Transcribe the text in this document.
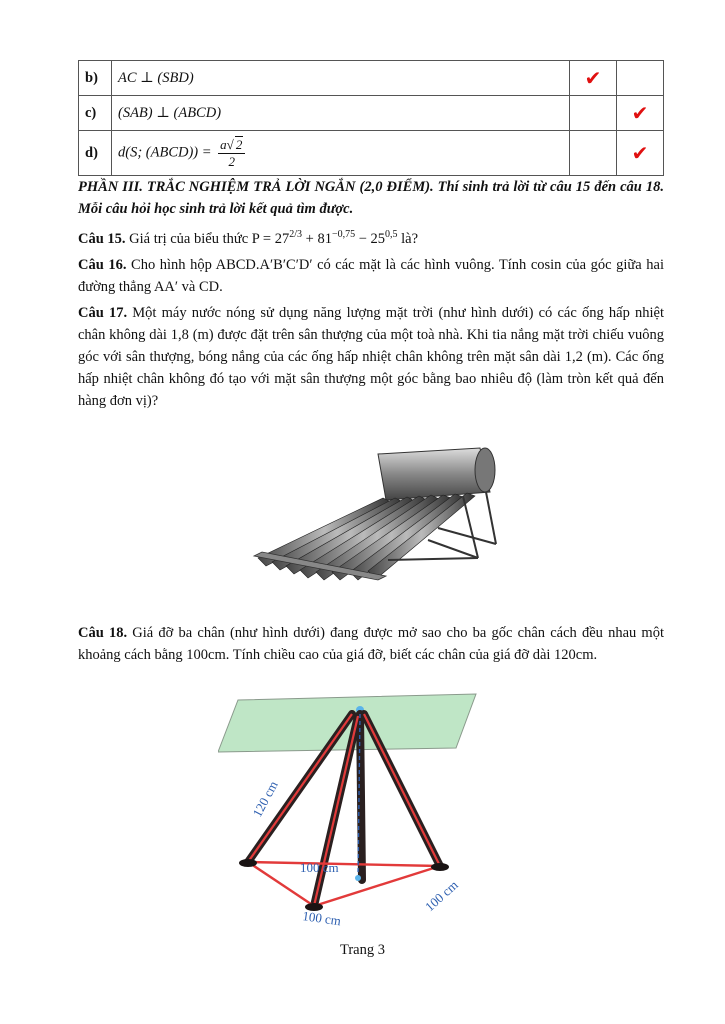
b)	AC ⊥ (SBD)	✔	
c)	(SAB) ⊥ (ABCD)		✔
d)	d(S; (ABCD)) = $\frac{a√ 2}{2}$		✔

PHẦN III. TRẮC NGHIỆM TRẢ LỜI NGẮN (2,0 ĐIỂM). Thí sinh trả lời từ câu 15 đến câu 18. Mỗi câu hỏi học sinh trả lời kết quả tìm được.

Câu 15. Giá trị của biểu thức $P = 27^{2/3} + 81^{-0,75} - 25^{0,5}$ là?

Câu 16. Cho hình hộp ABCD.A′B′C′D′ có các mặt là các hình vuông. Tính cosin của góc giữa hai đường thẳng AA′ và CD.

Câu 17. Một máy nước nóng sử dụng năng lượng mặt trời (như hình dưới) có các ống hấp nhiệt chân không dài 1,8 (m) được đặt trên sân thượng của một toà nhà. Khi tia nắng mặt trời chiếu vuông góc với sân thượng, bóng nắng của các ống hấp nhiệt chân không trên mặt sân dài 1,2 (m). Các ống hấp nhiệt chân không đó tạo với mặt sân thượng một góc bằng bao nhiêu độ (làm tròn kết quả đến hàng đơn vị)?

Câu 18. Giá đỡ ba chân (như hình dưới) đang được mở sao cho ba gốc chân cách đều nhau một khoảng cách bằng 100cm. Tính chiều cao của giá đỡ, biết các chân của giá đỡ dài 120cm.

120 cm
100 cm
100 cm
100 cm
Trang 3
